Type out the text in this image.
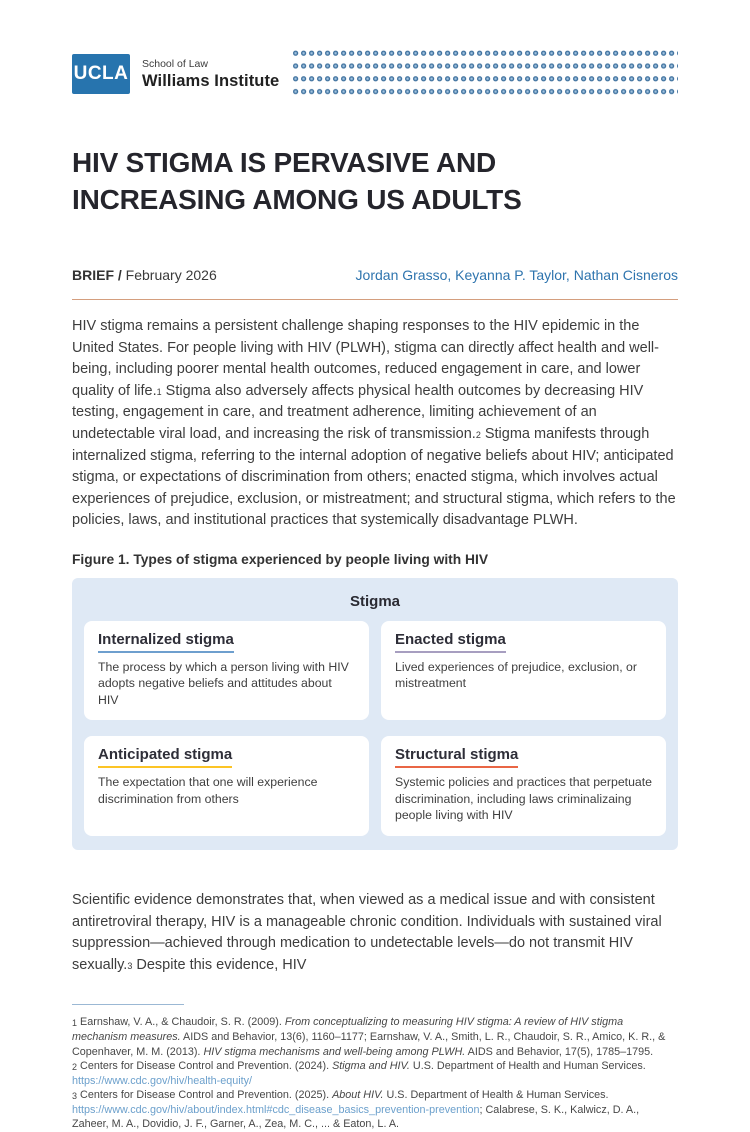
UCLA School of Law
Williams Institute
HIV STIGMA IS PERVASIVE AND INCREASING AMONG US ADULTS
BRIEF / February 2026	Jordan Grasso, Keyanna P. Taylor, Nathan Cisneros

HIV stigma remains a persistent challenge shaping responses to the HIV epidemic in the United States. For people living with HIV (PLWH), stigma can directly affect health and well-being, including poorer mental health outcomes, reduced engagement in care, and lower quality of life.$^1$ Stigma also adversely affects physical health outcomes by decreasing HIV testing, engagement in care, and treatment adherence, limiting achievement of an undetectable viral load, and increasing the risk of transmission.$^2$ Stigma manifests through internalized stigma, referring to the internal adoption of negative beliefs about HIV; anticipated stigma, or expectations of discrimination from others; enacted stigma, which involves actual experiences of prejudice, exclusion, or mistreatment; and structural stigma, which refers to the policies, laws, and institutional practices that systemically disadvantage PLWH.

Figure 1. Types of stigma experienced by people living with HIV
Stigma
Internalized stigma
The process by which a person living with HIV adopts negative beliefs and attitudes about HIV
Enacted stigma
Lived experiences of prejudice, exclusion, or mistreatment
Anticipated stigma
The expectation that one will experience discrimination from others
Structural stigma
Systemic policies and practices that perpetuate discrimination, including laws criminalizaing people living with HIV

Scientific evidence demonstrates that, when viewed as a medical issue and with consistent antiretroviral therapy, HIV is a manageable chronic condition. Individuals with sustained viral suppression—achieved through medication to undetectable levels—do not transmit HIV sexually.$^3$ Despite this evidence, HIV

$^1$ Earnshaw, V. A., & Chaudoir, S. R. (2009). From conceptualizing to measuring HIV stigma: A review of HIV stigma mechanism measures. AIDS and Behavior, 13(6), 1160–1177; Earnshaw, V. A., Smith, L. R., Chaudoir, S. R., Amico, K. R., & Copenhaver, M. M. (2013). HIV stigma mechanisms and well-being among PLWH. AIDS and Behavior, 17(5), 1785–1795.

$^2$ Centers for Disease Control and Prevention. (2024). Stigma and HIV. U.S. Department of Health and Human Services. https://www.cdc.gov/hiv/health-equity/

$^3$ Centers for Disease Control and Prevention. (2025). About HIV. U.S. Department of Health & Human Services. https://www.cdc.gov/hiv/about/index.html#cdc_disease_basics_prevention-prevention; Calabrese, S. K., Kalwicz, D. A., Zaheer, M. A., Dovidio, J. F., Garner, A., Zea, M. C., ... & Eaton, L. A.
